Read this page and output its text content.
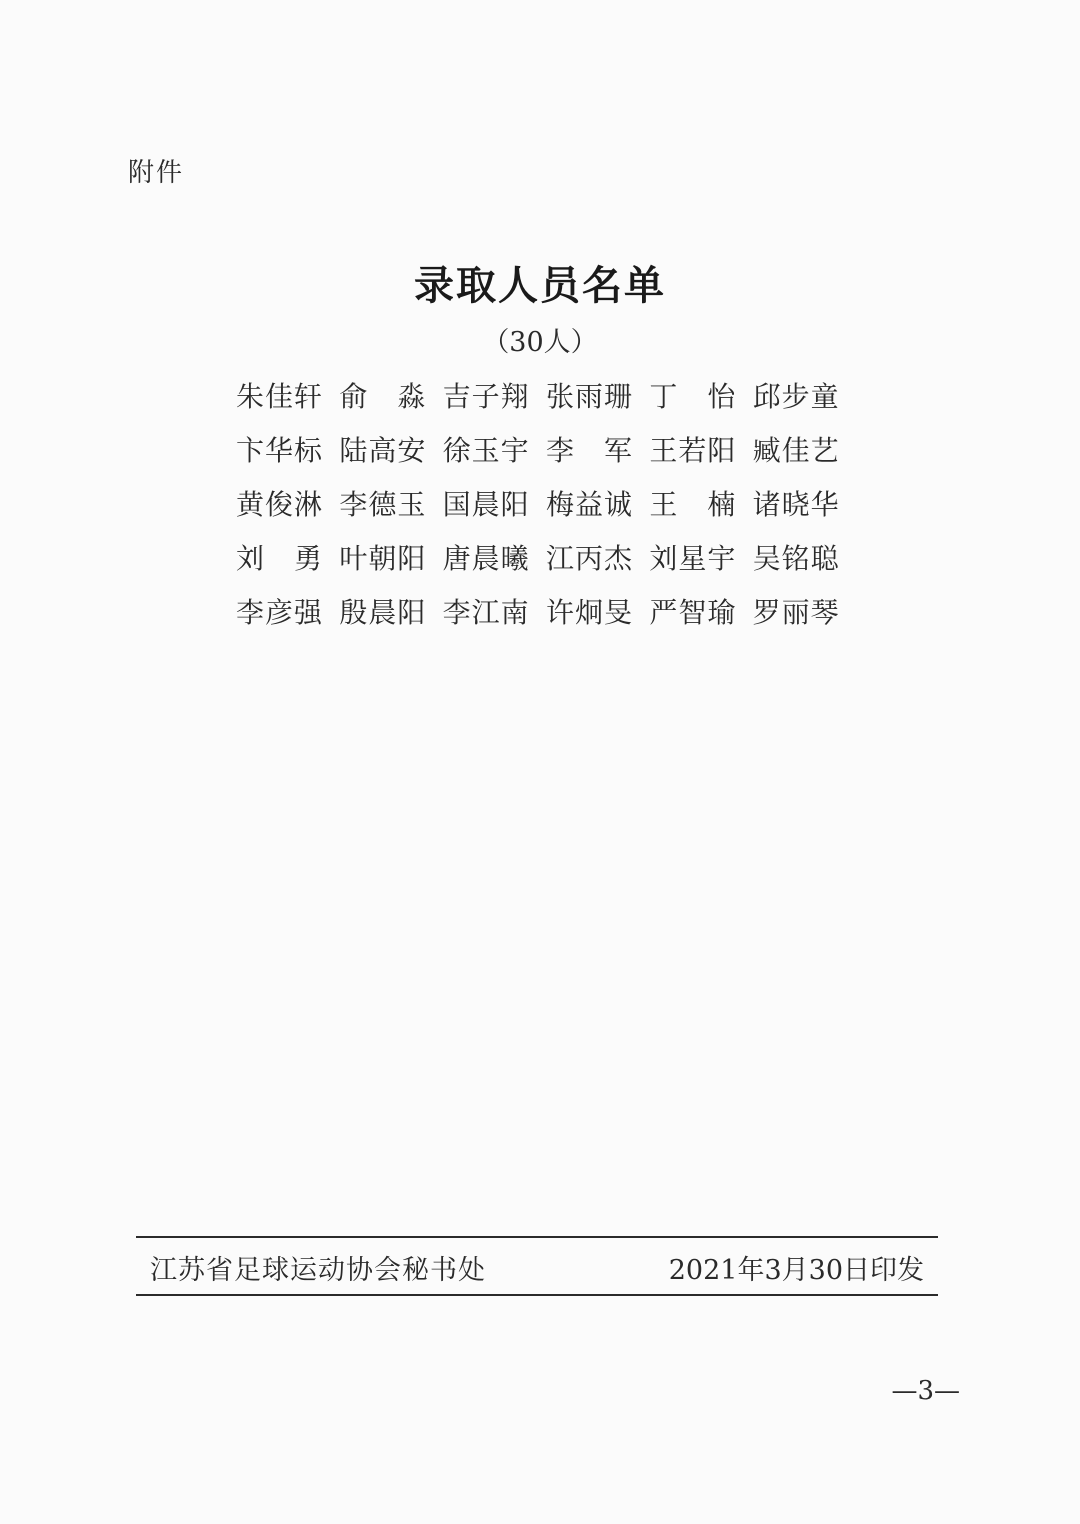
附件
录取人员名单
（30人）
朱佳轩 俞　淼 吉子翔 张雨珊 丁　怡 邱步童
卞华标 陆高安 徐玉宇 李　军 王若阳 臧佳艺
黄俊淋 李德玉 国晨阳 梅益诚 王　楠 诸晓华
刘　勇 叶朝阳 唐晨曦 江丙杰 刘星宇 吴铭聪
李彦强 殷晨阳 李江南 许炯旻 严智瑜 罗丽琴
江苏省足球运动协会秘书处	2021年3月30日印发
—3—
